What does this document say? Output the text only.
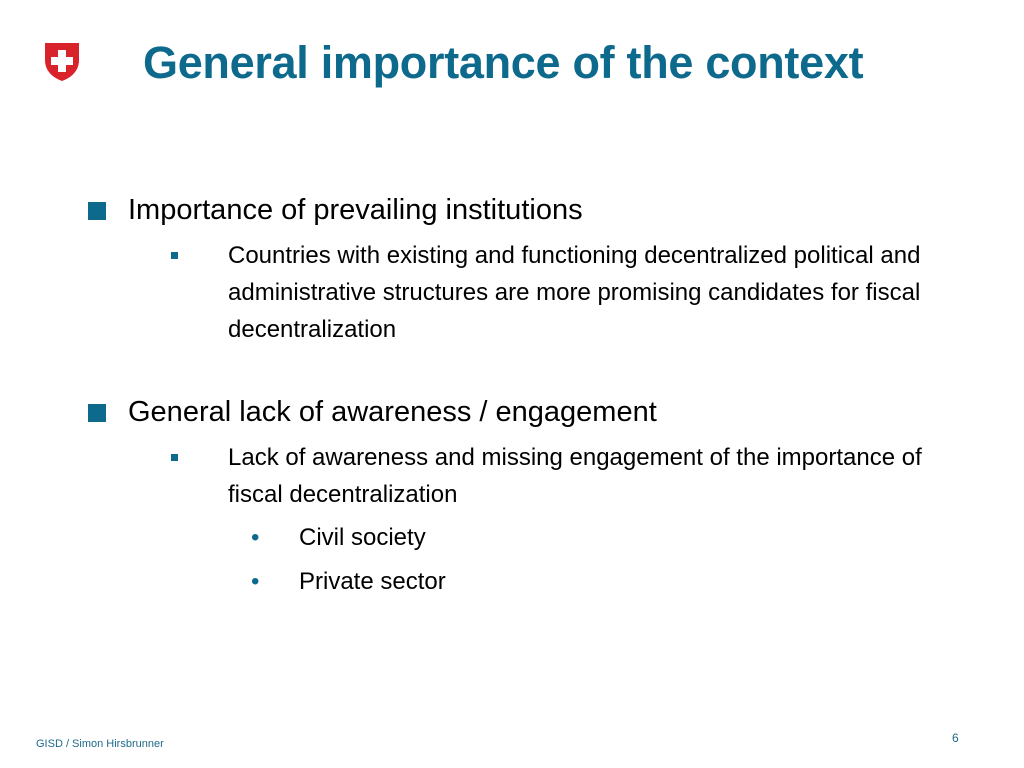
General importance of the context
Importance of prevailing institutions
Countries with existing and functioning decentralized political and administrative structures are more promising candidates for fiscal decentralization
General lack of awareness / engagement
Lack of awareness and missing engagement of the importance of fiscal decentralization
• Civil society
• Private sector
GISD / Simon Hirsbrunner	6
